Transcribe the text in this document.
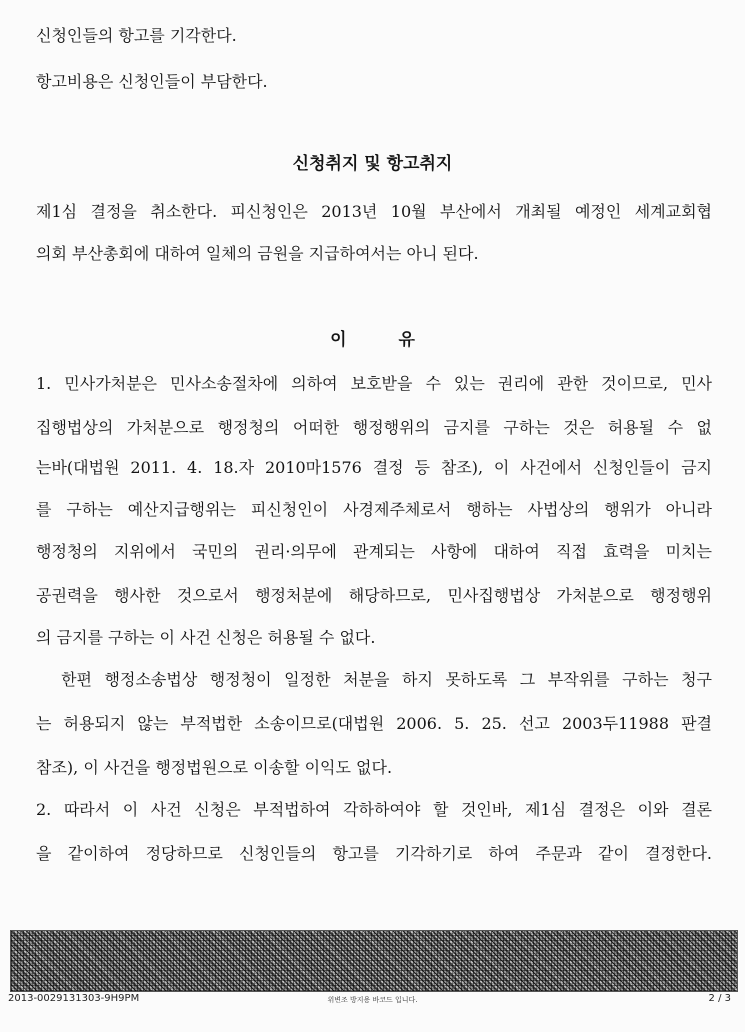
신청인들의 항고를 기각한다.
항고비용은 신청인들이 부담한다.
신청취지 및 항고취지
제1심 결정을 취소한다. 피신청인은 2013년 10월 부산에서 개최될 예정인 세계교회협
의회 부산총회에 대하여 일체의 금원을 지급하여서는 아니 된다.
이유
1. 민사가처분은 민사소송절차에 의하여 보호받을 수 있는 권리에 관한 것이므로, 민사
집행법상의 가처분으로 행정청의 어떠한 행정행위의 금지를 구하는 것은 허용될 수 없
는바(대법원 2011. 4. 18.자 2010마1576 결정 등 참조), 이 사건에서 신청인들이 금지
를 구하는 예산지급행위는 피신청인이 사경제주체로서 행하는 사법상의 행위가 아니라
행정청의 지위에서 국민의 권리·의무에 관계되는 사항에 대하여 직접 효력을 미치는
공권력을 행사한 것으로서 행정처분에 해당하므로, 민사집행법상 가처분으로 행정행위
의 금지를 구하는 이 사건 신청은 허용될 수 없다.
한편 행정소송법상 행정청이 일정한 처분을 하지 못하도록 그 부작위를 구하는 청구
는 허용되지 않는 부적법한 소송이므로(대법원 2006. 5. 25. 선고 2003두11988 판결
참조), 이 사건을 행정법원으로 이송할 이익도 없다.
2. 따라서 이 사건 신청은 부적법하여 각하하여야 할 것인바, 제1심 결정은 이와 결론
을 같이하여 정당하므로 신청인들의 항고를 기각하기로 하여 주문과 같이 결정한다.
2013-0029131303-9H9PM	위변조 방지용 바코드 입니다.	2 / 3
